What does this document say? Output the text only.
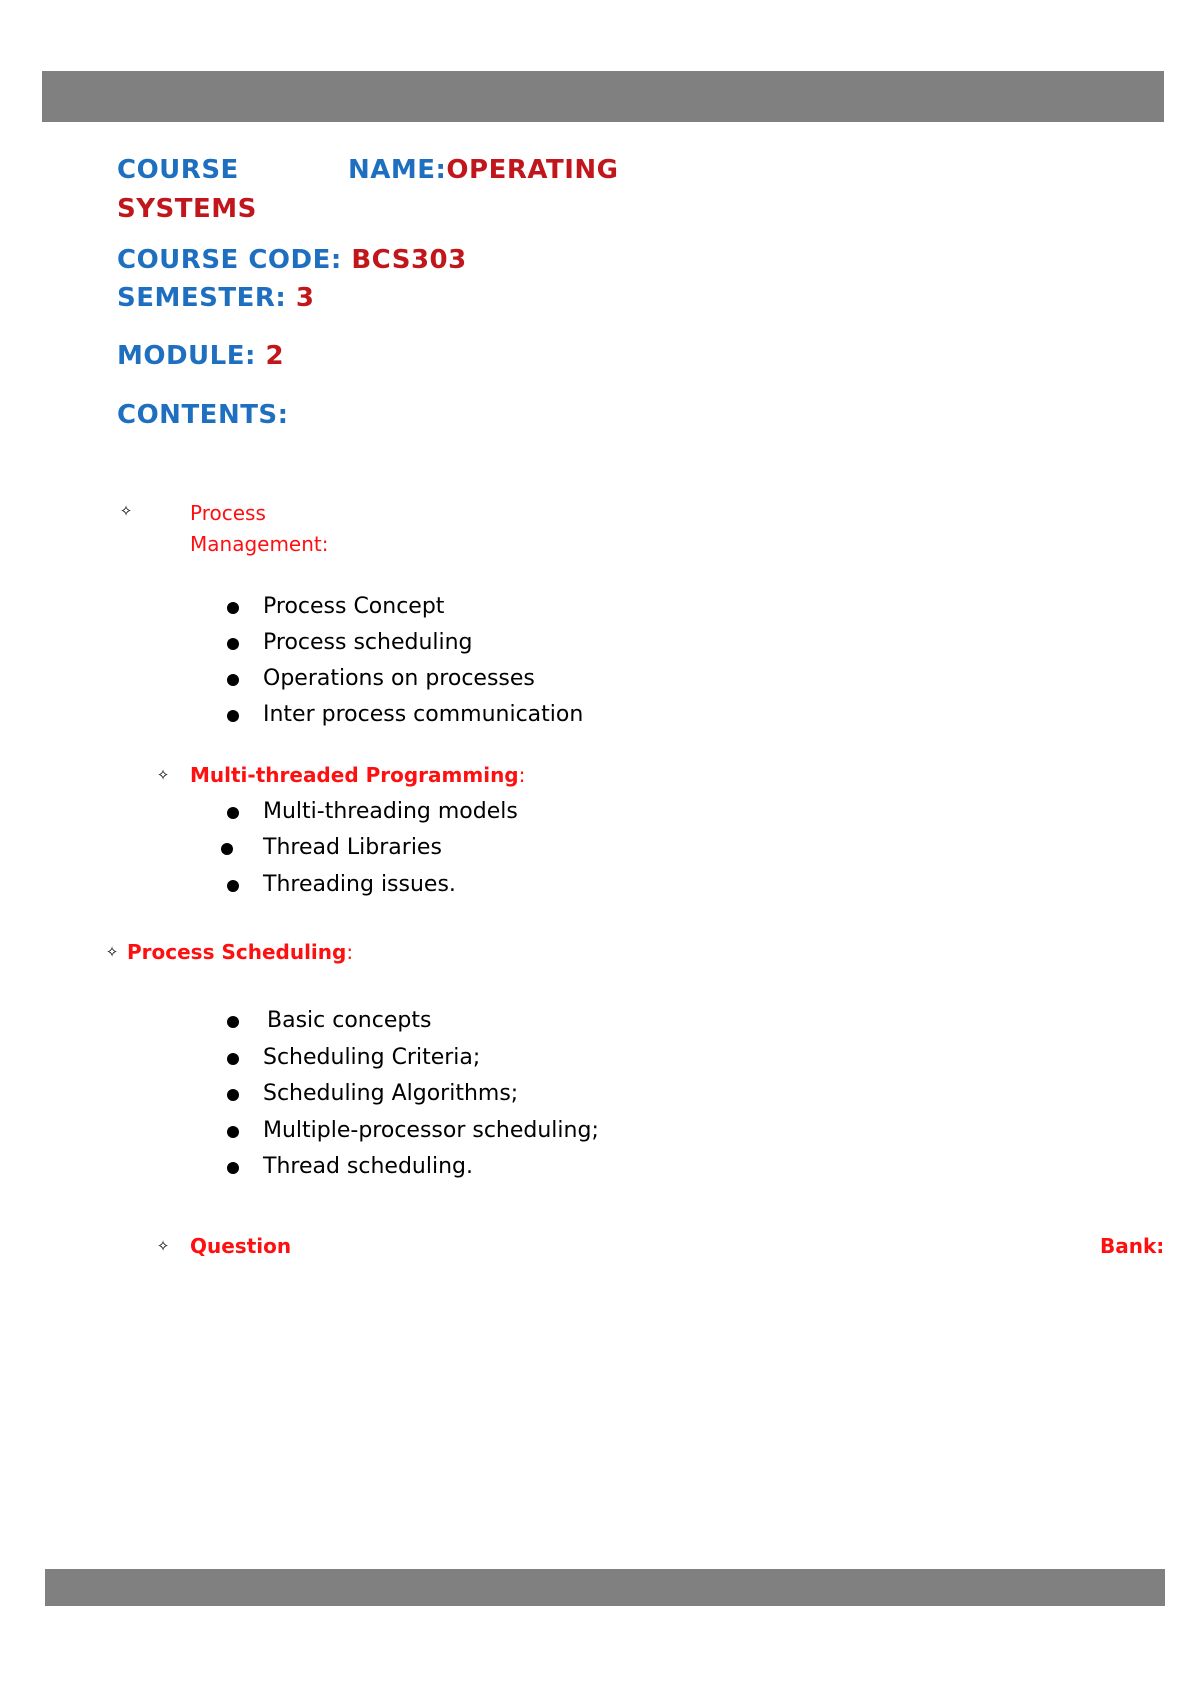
COURSE	NAME:OPERATING
SYSTEMS
COURSE CODE: BCS303
SEMESTER: 3
MODULE: 2
CONTENTS:
✧	Process
Management:
Process Concept
Process scheduling
Operations on processes
Inter process communication
✧ Multi-threaded Programming:
Multi-threading models
Thread Libraries
Threading issues.
✧ Process Scheduling:
Basic concepts
Scheduling Criteria;
Scheduling Algorithms;
Multiple-processor scheduling;
Thread scheduling.
✧ Question	Bank:
